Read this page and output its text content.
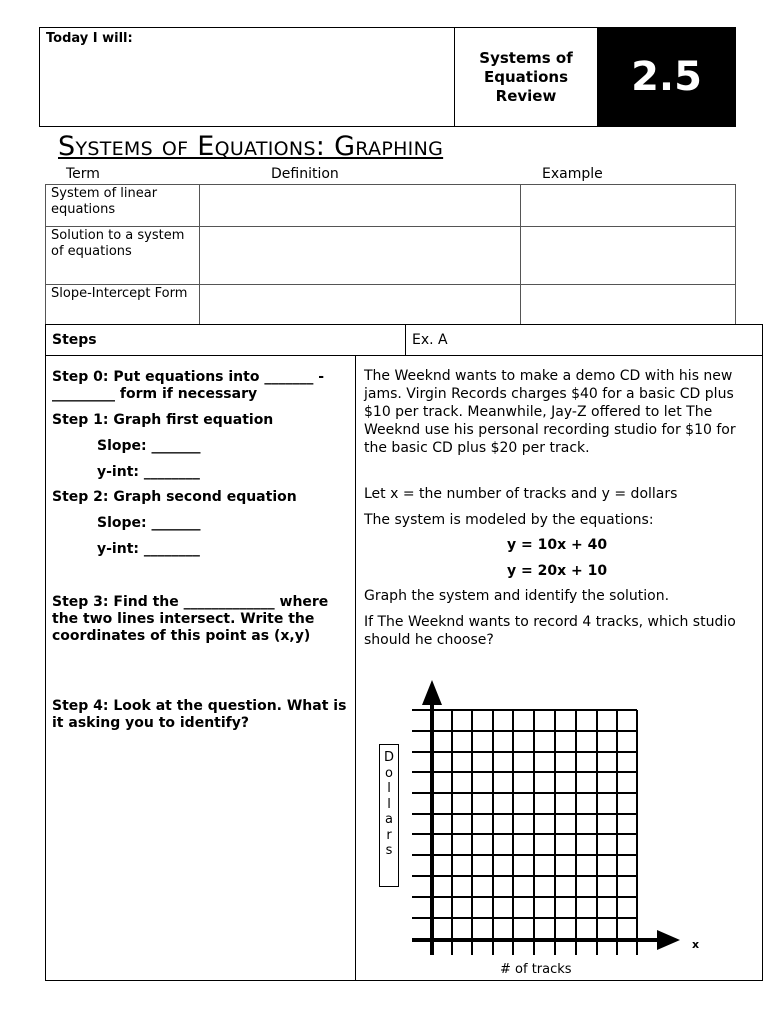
Today I will:
Systems of
Equations
Review	2.5
Systems of Equations: Graphing
Term	Definition	Example
System of linear equations		
Solution to a system of equations		
Slope-Intercept Form		
Steps	Ex. A
Step 0: Put equations into _______ - _________ form if necessary
Step 1: Graph first equation
Slope: _______
y-int: ________
Step 2: Graph second equation
Slope: _______
y-int: ________
Step 3: Find the _____________ where the two lines intersect. Write the coordinates of this point as (x,y)
Step 4: Look at the question. What is it asking you to identify?
The Weeknd wants to make a demo CD with his new jams. Virgin Records charges $40 for a basic CD plus $10 per track. Meanwhile, Jay-Z offered to let The Weeknd use his personal recording studio for $10 for the basic CD plus $20 per track.
Let x = the number of tracks and y = dollars
The system is modeled by the equations:
y = 10x + 40
y = 20x + 10
Graph the system and identify the solution.
If The Weeknd wants to record 4 tracks, which studio should he choose?
x
D
o
l
l
a
r
s
# of tracks
